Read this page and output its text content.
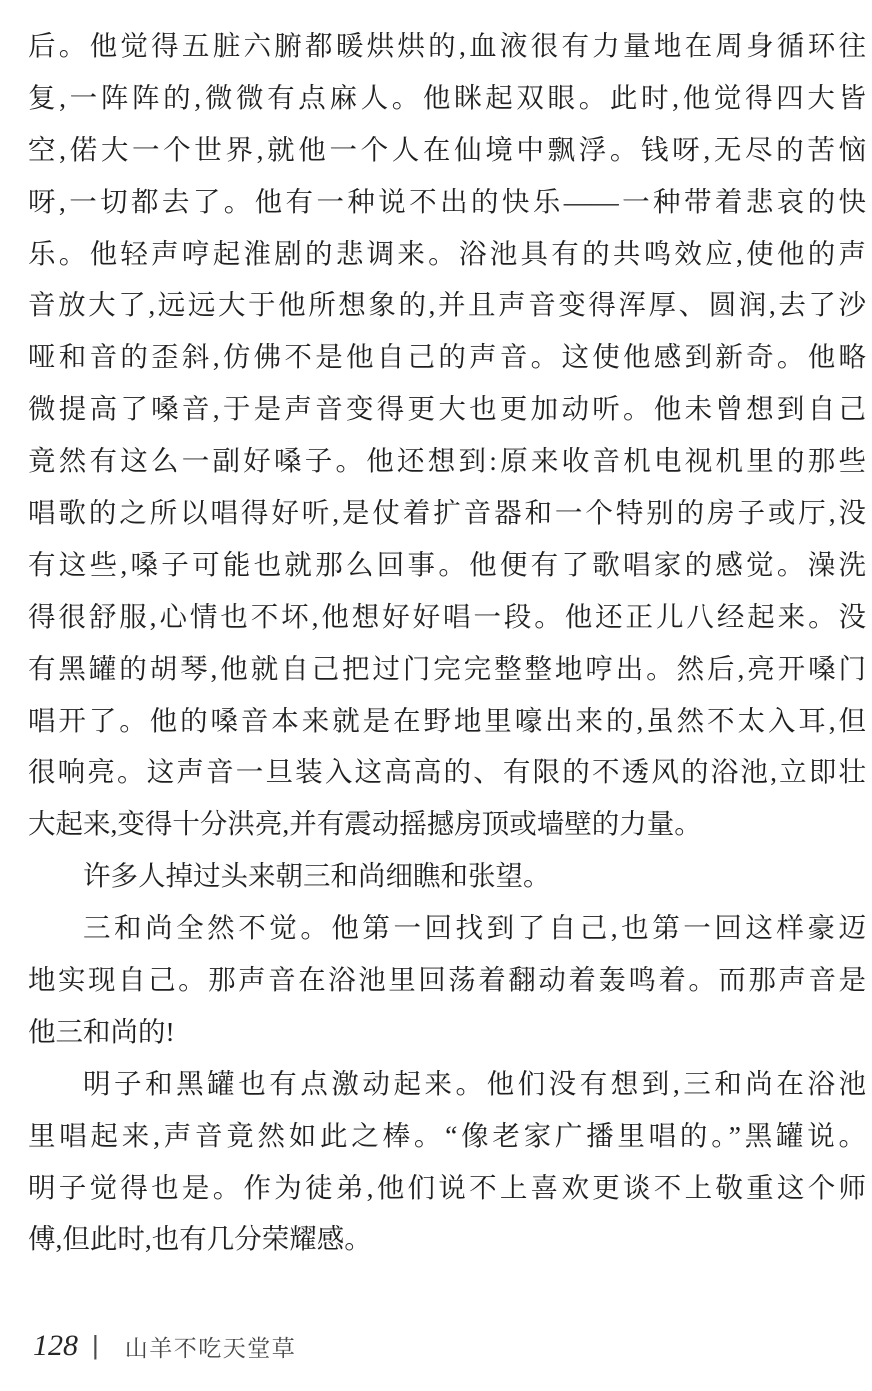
后。他觉得五脏六腑都暖烘烘的,血液很有力量地在周身循环往
复,一阵阵的,微微有点麻人。他眯起双眼。此时,他觉得四大皆
空,偌大一个世界,就他一个人在仙境中飘浮。钱呀,无尽的苦恼
呀,一切都去了。他有一种说不出的快乐——一种带着悲哀的快
乐。他轻声哼起淮剧的悲调来。浴池具有的共鸣效应,使他的声
音放大了,远远大于他所想象的,并且声音变得浑厚、圆润,去了沙
哑和音的歪斜,仿佛不是他自己的声音。这使他感到新奇。他略
微提高了嗓音,于是声音变得更大也更加动听。他未曾想到自己
竟然有这么一副好嗓子。他还想到:原来收音机电视机里的那些
唱歌的之所以唱得好听,是仗着扩音器和一个特别的房子或厅,没
有这些,嗓子可能也就那么回事。他便有了歌唱家的感觉。澡洗
得很舒服,心情也不坏,他想好好唱一段。他还正儿八经起来。没
有黑罐的胡琴,他就自己把过门完完整整地哼出。然后,亮开嗓门
唱开了。他的嗓音本来就是在野地里嚎出来的,虽然不太入耳,但
很响亮。这声音一旦装入这高高的、有限的不透风的浴池,立即壮
大起来,变得十分洪亮,并有震动摇撼房顶或墙壁的力量。
许多人掉过头来朝三和尚细瞧和张望。
三和尚全然不觉。他第一回找到了自己,也第一回这样豪迈
地实现自己。那声音在浴池里回荡着翻动着轰鸣着。而那声音是
他三和尚的!
明子和黑罐也有点激动起来。他们没有想到,三和尚在浴池
里唱起来,声音竟然如此之棒。“像老家广播里唱的。”黑罐说。
明子觉得也是。作为徒弟,他们说不上喜欢更谈不上敬重这个师
傅,但此时,也有几分荣耀感。
128 | 山羊不吃天堂草
